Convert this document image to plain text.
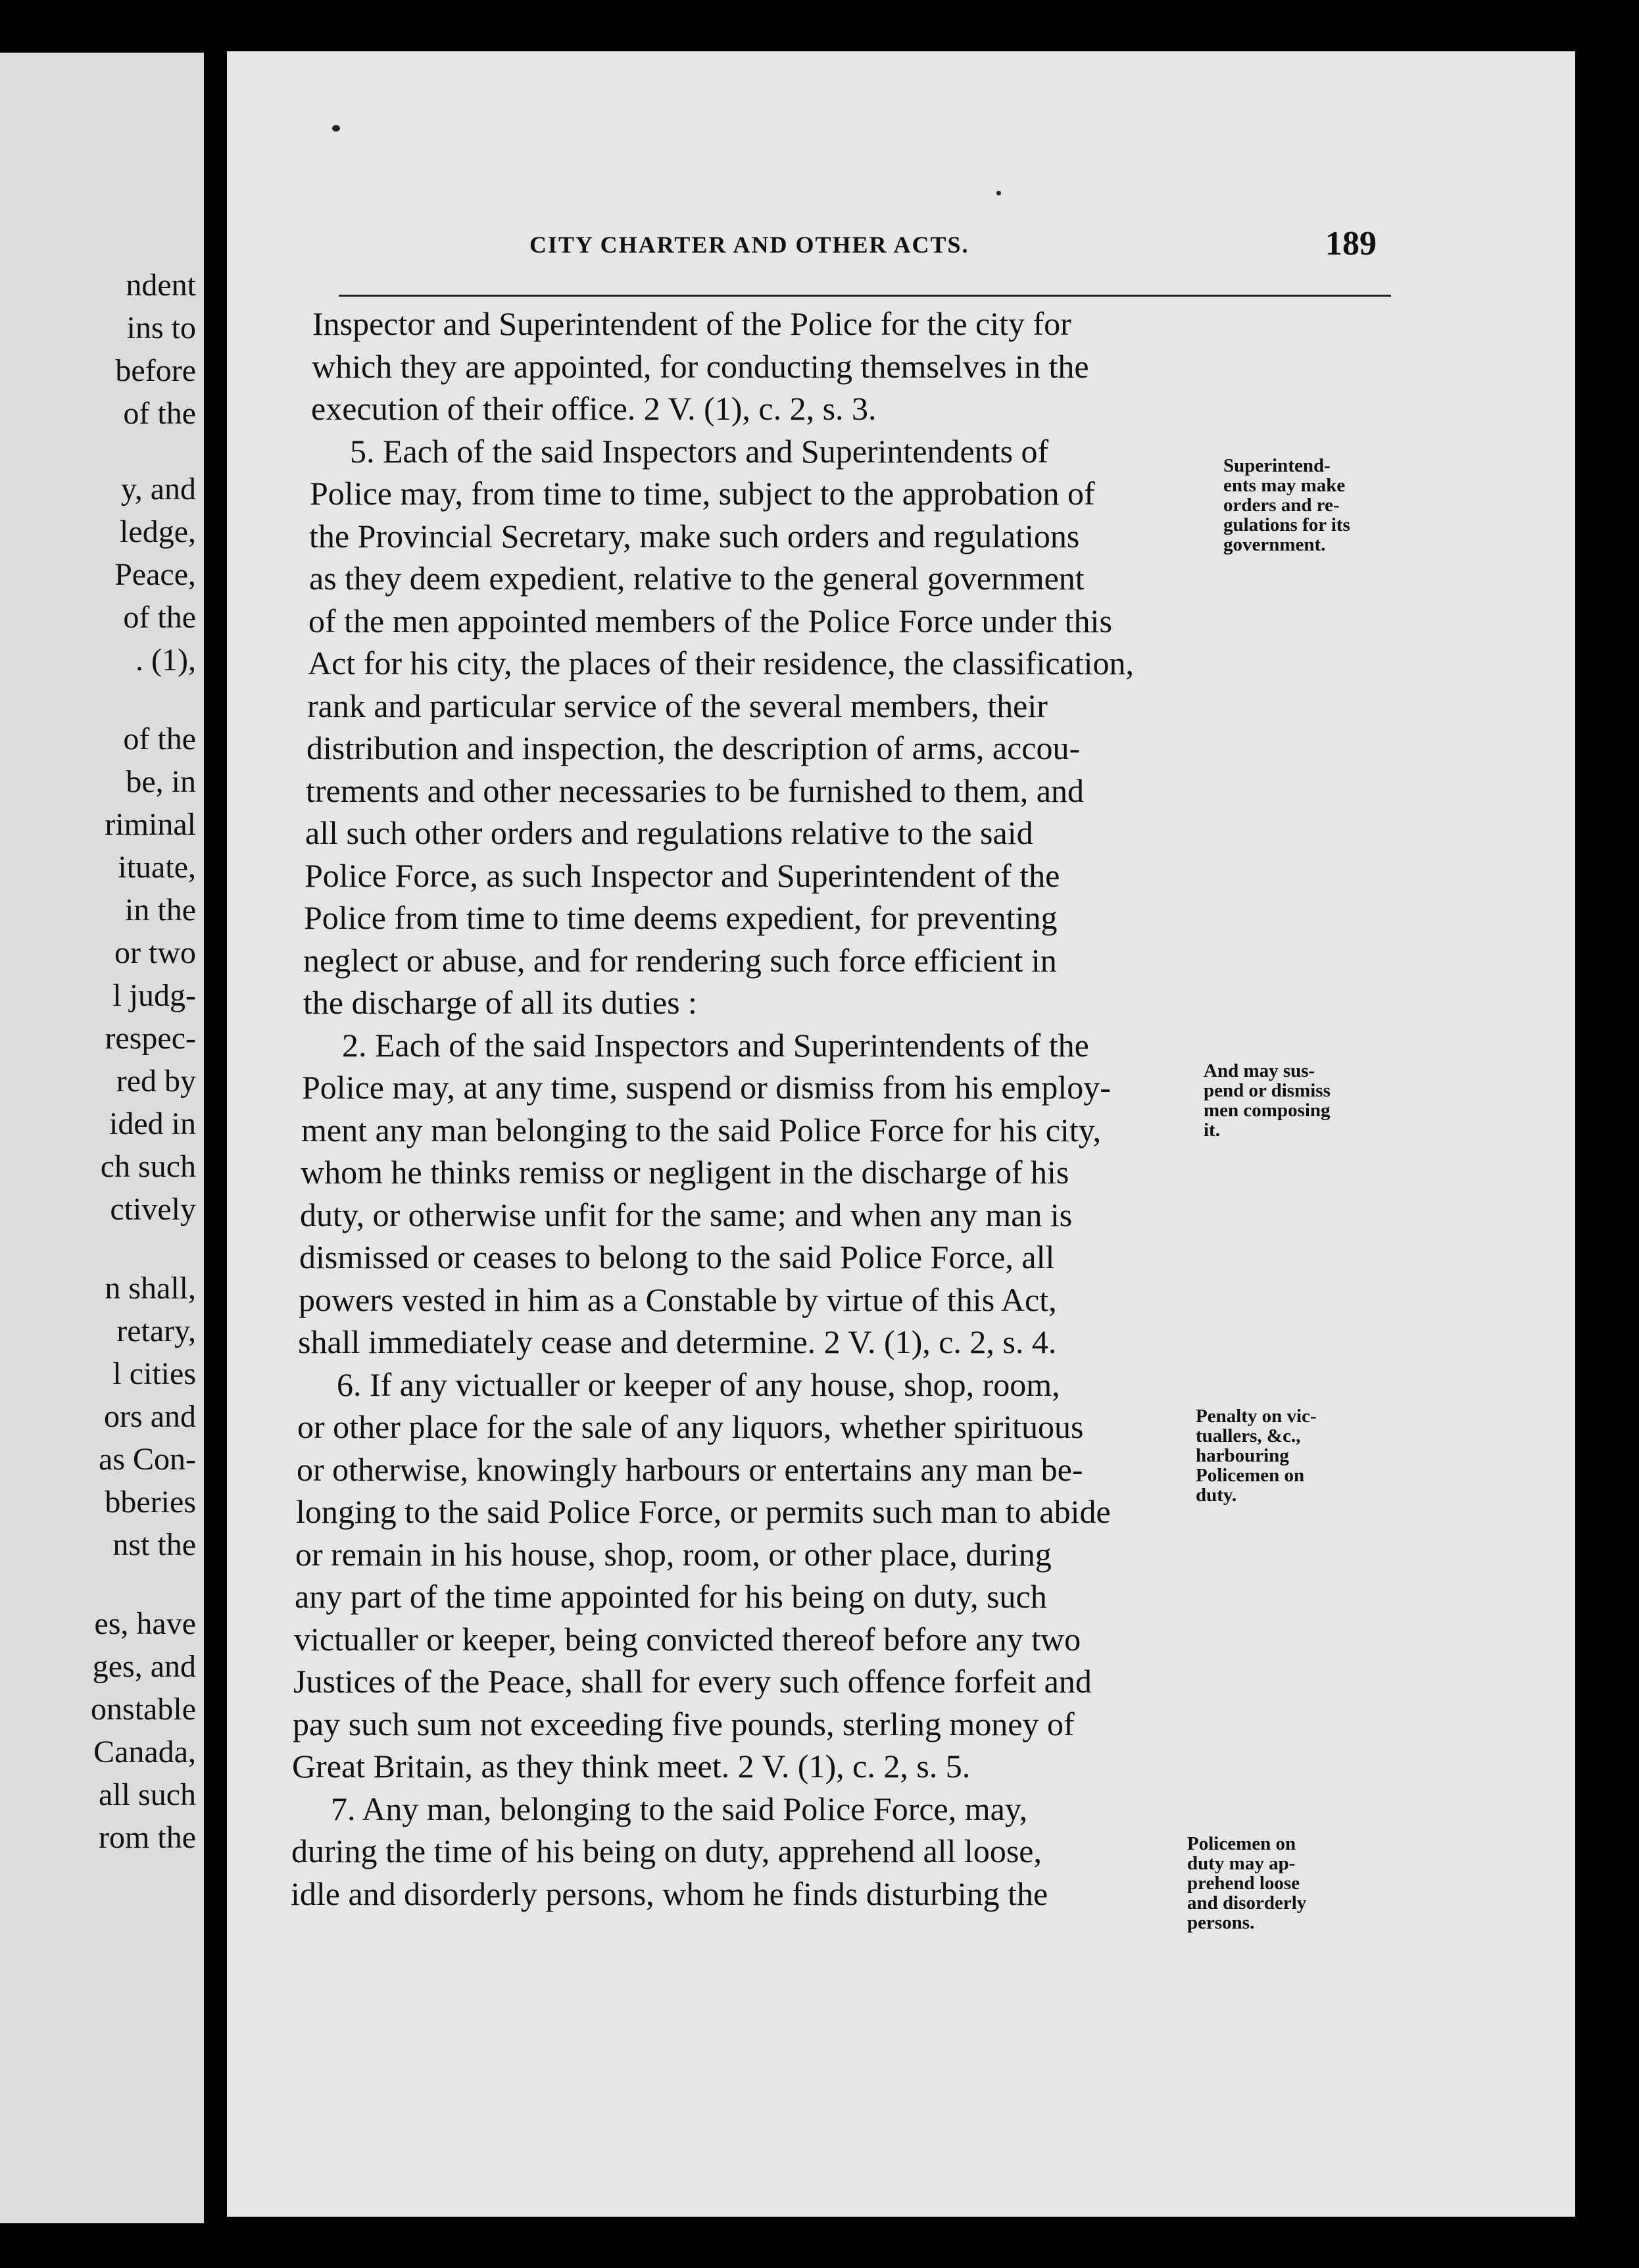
ndent
ins to
before
of the
y, and
ledge,
Peace,
of the
. (1),
of the
be, in
riminal
ituate,
in the
or two
l judg-
respec-
red by
ided in
ch such
ctively
n shall,
retary,
l cities
ors and
as Con-
bberies
nst the
es, have
ges, and
onstable
Canada,
all such
rom the
CITY CHARTER AND OTHER ACTS.	189
Inspector and Superintendent of the Police for the city for
which they are appointed, for conducting themselves in the
execution of their office. 2 V. (1), c. 2, s. 3.
5. Each of the said Inspectors and Superintendents of
Police may, from time to time, subject to the approbation of
the Provincial Secretary, make such orders and regulations
as they deem expedient, relative to the general government
of the men appointed members of the Police Force under this
Act for his city, the places of their residence, the classification,
rank and particular service of the several members, their
distribution and inspection, the description of arms, accou-
trements and other necessaries to be furnished to them, and
all such other orders and regulations relative to the said
Police Force, as such Inspector and Superintendent of the
Police from time to time deems expedient, for preventing
neglect or abuse, and for rendering such force efficient in
the discharge of all its duties :
2. Each of the said Inspectors and Superintendents of the
Police may, at any time, suspend or dismiss from his employ-
ment any man belonging to the said Police Force for his city,
whom he thinks remiss or negligent in the discharge of his
duty, or otherwise unfit for the same; and when any man is
dismissed or ceases to belong to the said Police Force, all
powers vested in him as a Constable by virtue of this Act,
shall immediately cease and determine. 2 V. (1), c. 2, s. 4.
6. If any victualler or keeper of any house, shop, room,
or other place for the sale of any liquors, whether spirituous
or otherwise, knowingly harbours or entertains any man be-
longing to the said Police Force, or permits such man to abide
or remain in his house, shop, room, or other place, during
any part of the time appointed for his being on duty, such
victualler or keeper, being convicted thereof before any two
Justices of the Peace, shall for every such offence forfeit and
pay such sum not exceeding five pounds, sterling money of
Great Britain, as they think meet. 2 V. (1), c. 2, s. 5.
7. Any man, belonging to the said Police Force, may,
during the time of his being on duty, apprehend all loose,
idle and disorderly persons, whom he finds disturbing the
Superintend-
ents may make
orders and re-
gulations for its
government.
And may sus-
pend or dismiss
men composing
it.
Penalty on vic-
tuallers, &c.,
harbouring
Policemen on
duty.
Policemen on
duty may ap-
prehend loose
and disorderly
persons.
